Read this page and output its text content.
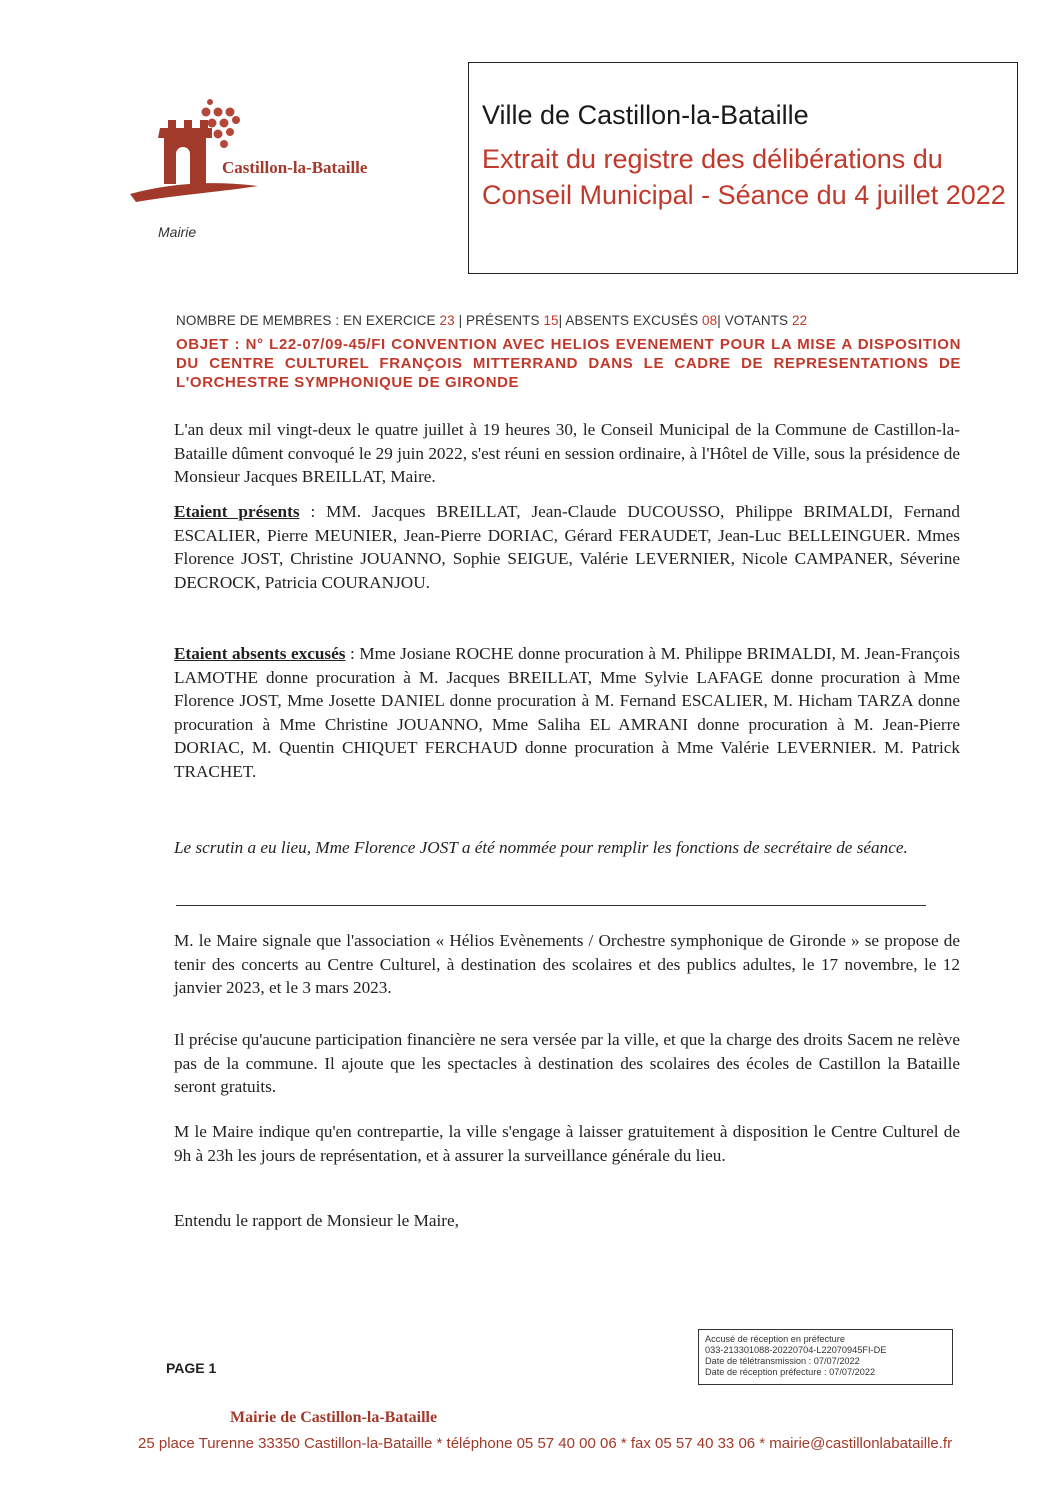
Castillon-la-Bataille
Mairie
Ville de Castillon-la-Bataille
Extrait du registre des délibérations du Conseil Municipal - Séance du 4 juillet 2022
NOMBRE DE MEMBRES : EN EXERCICE 23 | PRÉSENTS 15| ABSENTS EXCUSÉS 08| VOTANTS 22
OBJET : N° L22-07/09-45/FI CONVENTION AVEC HELIOS EVENEMENT POUR LA MISE A DISPOSITION DU CENTRE CULTUREL FRANÇOIS MITTERRAND DANS LE CADRE DE REPRESENTATIONS DE L'ORCHESTRE SYMPHONIQUE DE GIRONDE
L'an deux mil vingt-deux le quatre juillet à 19 heures 30, le Conseil Municipal de la Commune de Castillon-la-Bataille dûment convoqué le 29 juin 2022, s'est réuni en session ordinaire, à l'Hôtel de Ville, sous la présidence de Monsieur Jacques BREILLAT, Maire.
Etaient présents : MM. Jacques BREILLAT, Jean-Claude DUCOUSSO, Philippe BRIMALDI, Fernand ESCALIER, Pierre MEUNIER, Jean-Pierre DORIAC, Gérard FERAUDET, Jean-Luc BELLEINGUER. Mmes Florence JOST, Christine JOUANNO, Sophie SEIGUE, Valérie LEVERNIER, Nicole CAMPANER, Séverine DECROCK, Patricia COURANJOU.
Etaient absents excusés : Mme Josiane ROCHE donne procuration à M. Philippe BRIMALDI, M. Jean-François LAMOTHE donne procuration à M. Jacques BREILLAT, Mme Sylvie LAFAGE donne procuration à Mme Florence JOST, Mme Josette DANIEL donne procuration à M. Fernand ESCALIER, M. Hicham TARZA donne procuration à Mme Christine JOUANNO, Mme Saliha EL AMRANI donne procuration à M. Jean-Pierre DORIAC, M. Quentin CHIQUET FERCHAUD donne procuration à Mme Valérie LEVERNIER. M. Patrick TRACHET.
Le scrutin a eu lieu, Mme Florence JOST a été nommée pour remplir les fonctions de secrétaire de séance.
M. le Maire signale que l'association « Hélios Evènements / Orchestre symphonique de Gironde » se propose de tenir des concerts au Centre Culturel, à destination des scolaires et des publics adultes, le 17 novembre, le 12 janvier 2023, et le 3 mars 2023.
Il précise qu'aucune participation financière ne sera versée par la ville, et que la charge des droits Sacem ne relève pas de la commune. Il ajoute que les spectacles à destination des scolaires des écoles de Castillon la Bataille seront gratuits.
M le Maire indique qu'en contrepartie, la ville s'engage à laisser gratuitement à disposition le Centre Culturel de 9h à 23h les jours de représentation, et à assurer la surveillance générale du lieu.
Entendu le rapport de Monsieur le Maire,
Accusé de réception en préfecture
033-213301088-20220704-L22070945FI-DE
Date de télétransmission : 07/07/2022
Date de réception préfecture : 07/07/2022
PAGE 1
Mairie de Castillon-la-Bataille
25 place Turenne 33350 Castillon-la-Bataille * téléphone 05 57 40 00 06 * fax 05 57 40 33 06 * mairie@castillonlabataille.fr
